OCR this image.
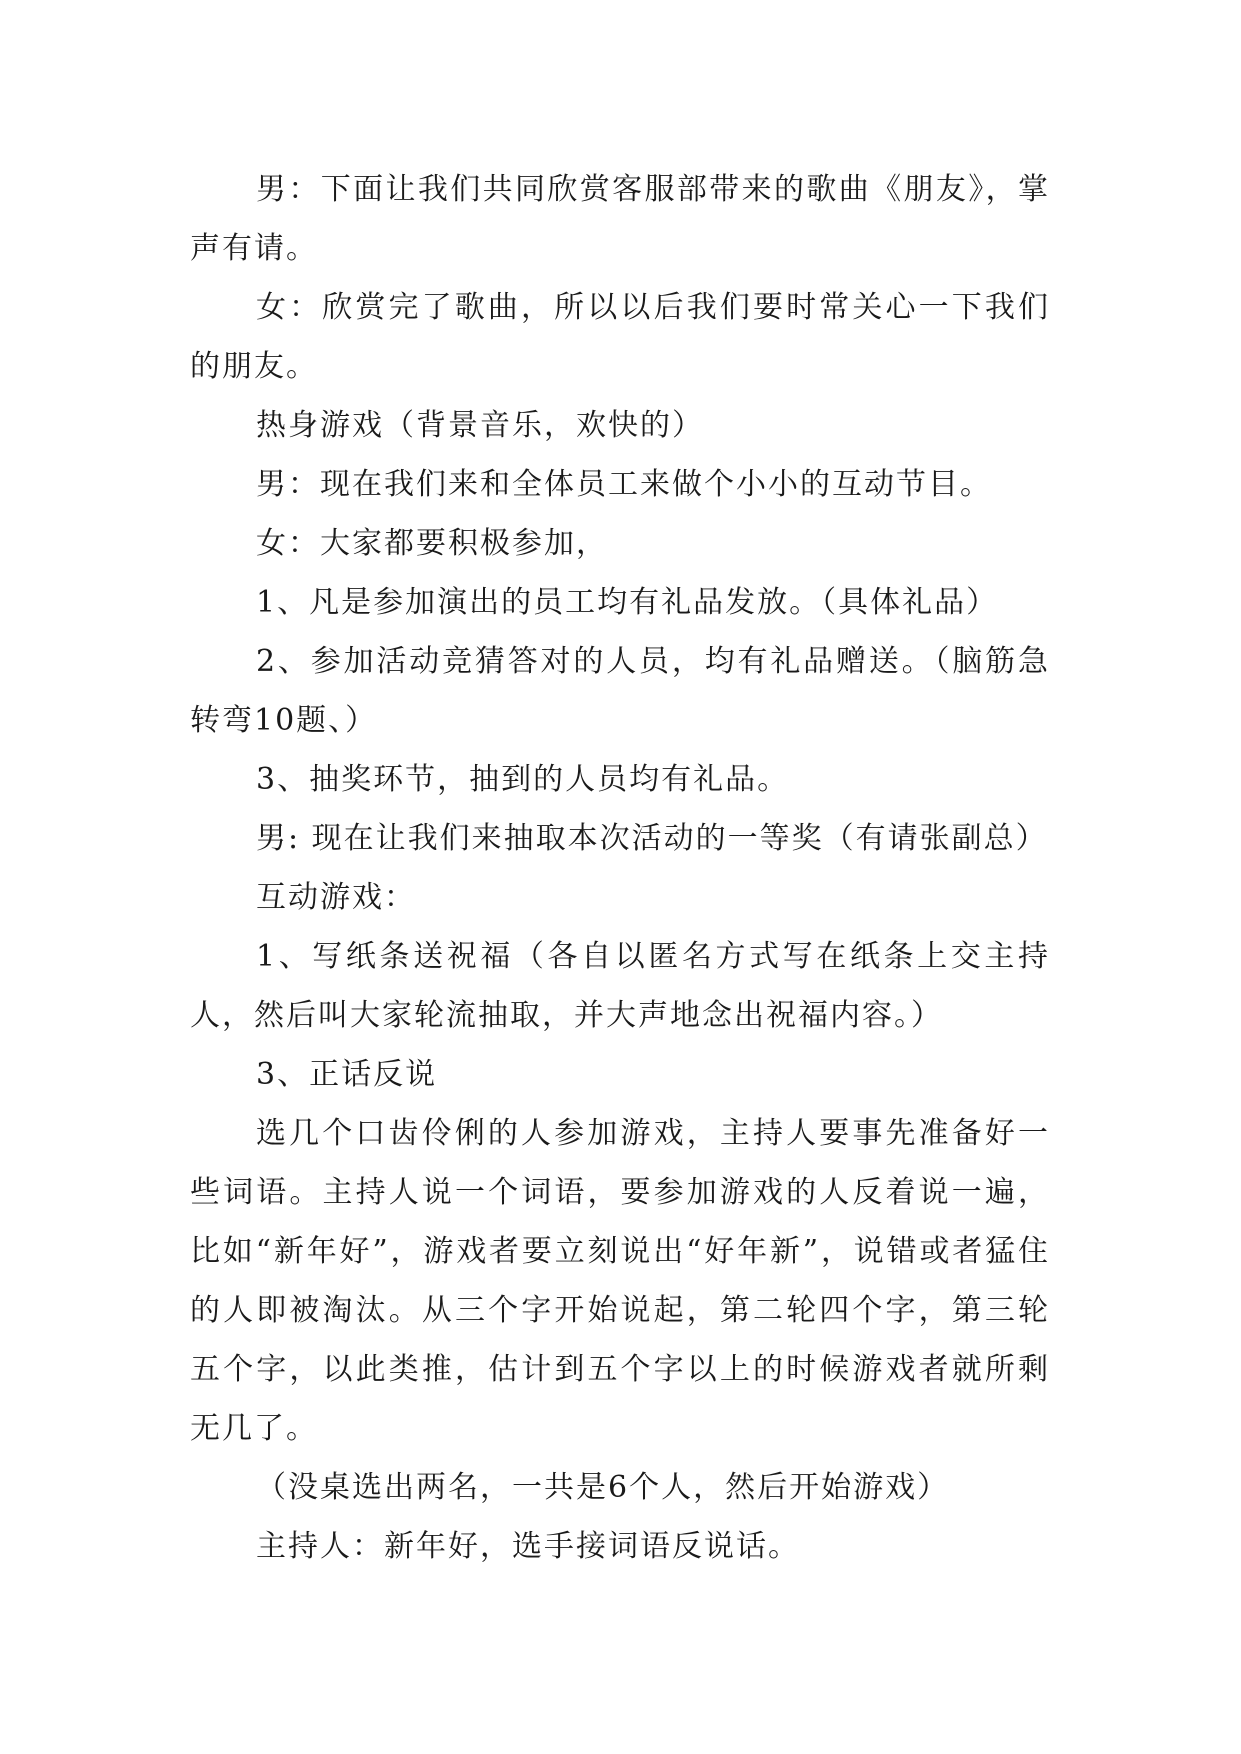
男：下面让我们共同欣赏客服部带来的歌曲《朋友》，掌声有请。

女：欣赏完了歌曲，所以以后我们要时常关心一下我们的朋友。

热身游戏（背景音乐，欢快的）

男：现在我们来和全体员工来做个小小的互动节目。

女：大家都要积极参加，

1、凡是参加演出的员工均有礼品发放。（具体礼品）

2、参加活动竞猜答对的人员，均有礼品赠送。（脑筋急转弯10题、）

3、抽奖环节，抽到的人员均有礼品。

男: 现在让我们来抽取本次活动的一等奖（有请张副总）

互动游戏：

1、写纸条送祝福（各自以匿名方式写在纸条上交主持人，然后叫大家轮流抽取，并大声地念出祝福内容。）

3、正话反说

选几个口齿伶俐的人参加游戏，主持人要事先准备好一些词语。主持人说一个词语，要参加游戏的人反着说一遍，比如“新年好”，游戏者要立刻说出“好年新”，说错或者猛住的人即被淘汰。从三个字开始说起，第二轮四个字，第三轮五个字，以此类推，估计到五个字以上的时候游戏者就所剩无几了。

（没桌选出两名，一共是6个人，然后开始游戏）

主持人：新年好，选手接词语反说话。
